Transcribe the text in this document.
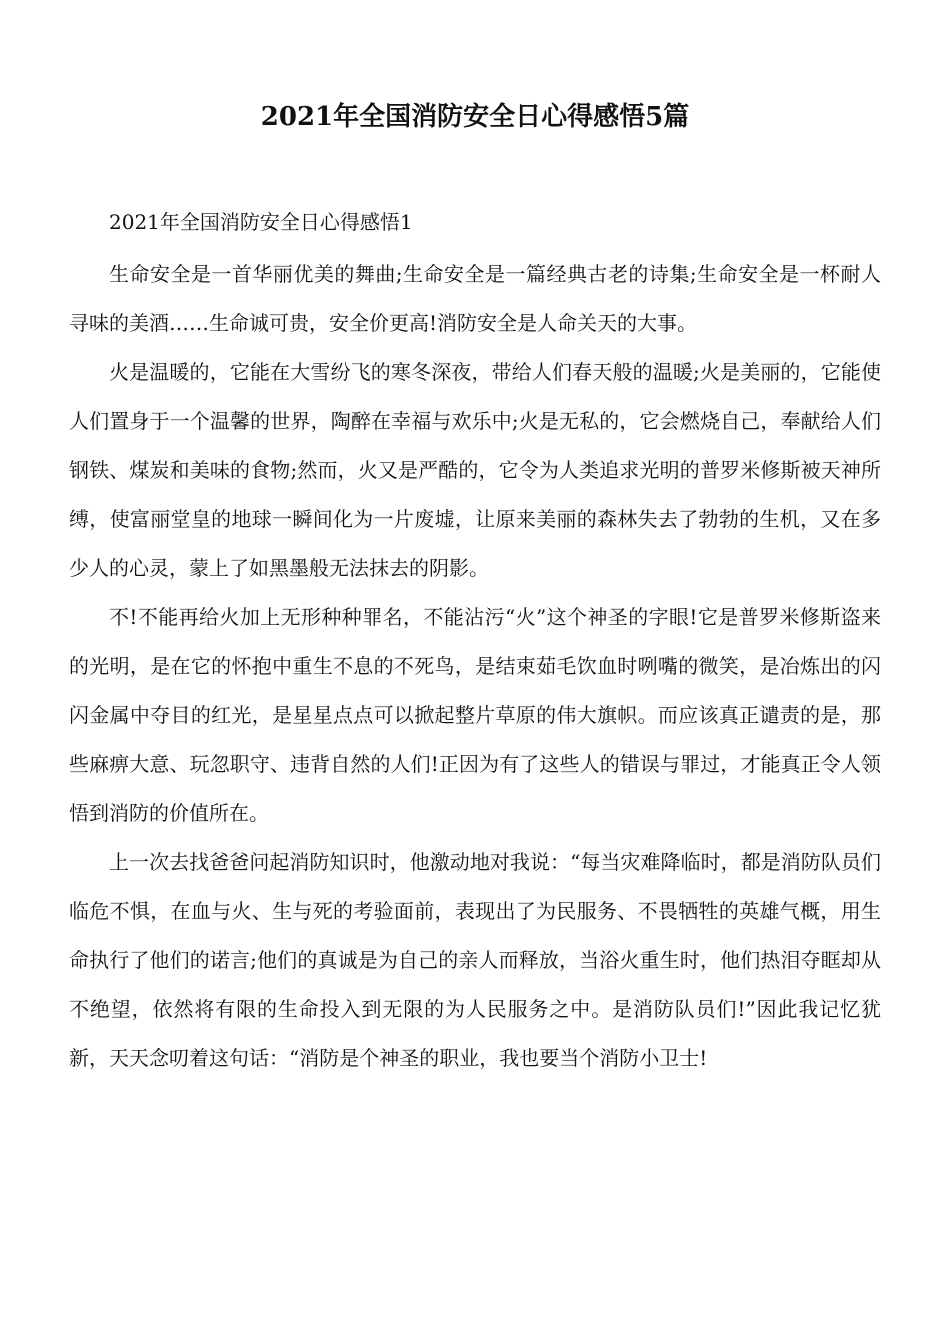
2021年全国消防安全日心得感悟5篇

2021年全国消防安全日心得感悟1

生命安全是一首华丽优美的舞曲;生命安全是一篇经典古老的诗集;生命安全是一杯耐人寻味的美酒……生命诚可贵，安全价更高!消防安全是人命关天的大事。

火是温暖的，它能在大雪纷飞的寒冬深夜，带给人们春天般的温暖;火是美丽的，它能使人们置身于一个温馨的世界，陶醉在幸福与欢乐中;火是无私的，它会燃烧自己，奉献给人们钢铁、煤炭和美味的食物;然而，火又是严酷的，它令为人类追求光明的普罗米修斯被天神所缚，使富丽堂皇的地球一瞬间化为一片废墟，让原来美丽的森林失去了勃勃的生机，又在多少人的心灵，蒙上了如黑墨般无法抹去的阴影。

不!不能再给火加上无形种种罪名，不能沾污“火”这个神圣的字眼!它是普罗米修斯盗来的光明，是在它的怀抱中重生不息的不死鸟，是结束茹毛饮血时咧嘴的微笑，是冶炼出的闪闪金属中夺目的红光，是星星点点可以掀起整片草原的伟大旗帜。而应该真正谴责的是，那些麻痹大意、玩忽职守、违背自然的人们!正因为有了这些人的错误与罪过，才能真正令人领悟到消防的价值所在。

上一次去找爸爸问起消防知识时，他激动地对我说：“每当灾难降临时，都是消防队员们临危不惧，在血与火、生与死的考验面前，表现出了为民服务、不畏牺牲的英雄气概，用生命执行了他们的诺言;他们的真诚是为自己的亲人而释放，当浴火重生时，他们热泪夺眶却从不绝望，依然将有限的生命投入到无限的为人民服务之中。是消防队员们!”因此我记忆犹新，天天念叨着这句话：“消防是个神圣的职业，我也要当个消防小卫士!
